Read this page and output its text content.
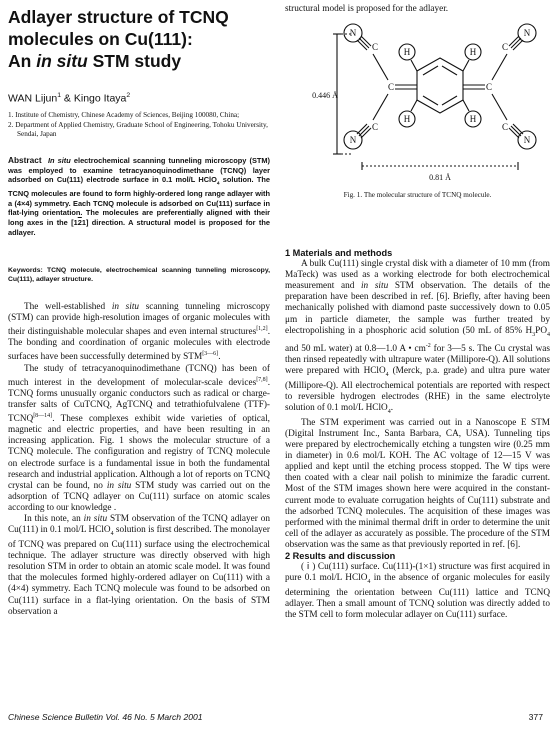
Adlayer structure of TCNQ
molecules on Cu(111):
An in situ STM study
WAN Lijun$^1$ & Kingo Itaya$^2$
1. Institute of Chemistry, Chinese Academy of Sciences, Beijing 100080, China;
2. Department of Applied Chemistry, Graduate School of Engineering, Tohoku University, Sendai, Japan
Abstract In situ electrochemical scanning tunneling microscopy (STM) was employed to examine tetracyanoquinodimethane (TCNQ) layer adsorbed on Cu(111) electrode surface in 0.1 mol/L HClO$_4$ solution. The TCNQ molecules are found to form highly-ordered long range adlayer with a (4×4) symmetry. Each TCNQ molecule is adsorbed on Cu(111) surface in flat-lying orientation. The molecules are preferentially aligned with their long axes in the [121] direction. A structural model is proposed for the adlayer.
Keywords: TCNQ molecule, electrochemical scanning tunneling microscopy, Cu(111), adlayer structure.

The well-established in situ scanning tunneling microscopy (STM) can provide high-resolution images of organic molecules with their distinguishable molecular shapes and even internal structures[1,2]. The bonding and coordination of organic molecules with electrode surfaces have been successfully determined by STM[3—6].

The study of tetracyanoquinodimethane (TCNQ) has been of much interest in the development of molecular-scale devices[7,8]. TCNQ forms unusually organic conductors such as radical or charge-transfer salts of CuTCNQ, AgTCNQ and tetrathiofulvalene (TTF)-TCNQ[8—14]. These complexes exhibit wide varieties of optical, magnetic and electric properties, and have been resulting in an increasing application. Fig. 1 shows the molecular structure of a TCNQ molecule. The configuration and registry of TCNQ molecule on electrode surface is a fundamental issue in both the fundamental research and industrial application. Although a lot of reports on TCNQ crystal can be found, no in situ STM study was carried out on the adsorption of TCNQ adlayer on Cu(111) surface on atomic scales according to our knowledge .

In this note, an in situ STM observation of the TCNQ adlayer on Cu(111) in 0.1 mol/L HClO$_4$ solution is first described. The monolayer of TCNQ was prepared on Cu(111) surface using the electrochemical technique. The adlayer structure was directly observed with high resolution STM in order to obtain an atomic scale model. It was found that the molecules formed highly-ordered adlayer on Cu(111) with a (4×4) symmetry. Each TCNQ molecule was found to be adsorbed on Cu(111) surface in a flat-lying orientation. On the basis of STM observation a

structural model is proposed for the adlayer.
N
N
N
N
H	H
H	H
C
C
C
C
C	C
0.446 Å
0.81 Å
Fig. 1. The molecular structure of TCNQ molecule.

1 Materials and methods

A bulk Cu(111) single crystal disk with a diameter of 10 mm (from MaTeck) was used as a working electrode for both electrochemical measurement and in situ STM observation. The details of the preparation have been described in ref. [6]. Briefly, after having been mechanically polished with diamond paste successively down to 0.05 μm in particle diameter, the sample was further treated by electropolishing in a phosphoric acid solution (50 mL of 85% $H_3PO_4$ and 50 mL water) at 0.8—1.0 A • $cm^{-2}$ for 3—5 s. The Cu crystal was then rinsed repeatedly with ultrapure water (Millipore-Q). All solutions were prepared with HClO$_4$ (Merck, p.a. grade) and ultra pure water (Millipore-Q). All electrochemical potentials are reported with respect to reversible hydrogen electrodes (RHE) in the same electrolyte solution of 0.1 mol/L HClO$_4$.

The STM experiment was carried out in a Nanoscope E STM (Digital Instrument Inc., Santa Barbara, CA, USA). Tunneling tips were prepared by electrochemically etching a tungsten wire (0.25 mm in diameter) in 0.6 mol/L KOH. The AC voltage of 12—15 V was applied and kept until the etching process stopped. The W tips were then coated with a clear nail polish to minimize the faradic current. Most of the STM images shown here were acquired in the constant-current mode to evaluate corrugation heights of Cu(111) substrate and the adsorbed TCNQ molecules. The acquisition of these images was performed with the minimal thermal drift in order to determine the unit cell of the adlayer as accurately as possible. The procedure of the STM observation was the same as that previously reported in ref. [6].

2 Results and discussion

( ⅰ ) Cu(111) surface. Cu(111)-(1×1) structure was first acquired in pure 0.1 mol/L HClO$_4$ in the absence of organic molecules for easily determining the orientation between Cu(111) lattice and TCNQ adlayer. Then a small amount of TCNQ solution was directly added to the STM cell to form molecular adlayer on Cu(111) surface.

Chinese Science Bulletin Vol. 46 No. 5 March 2001	377
